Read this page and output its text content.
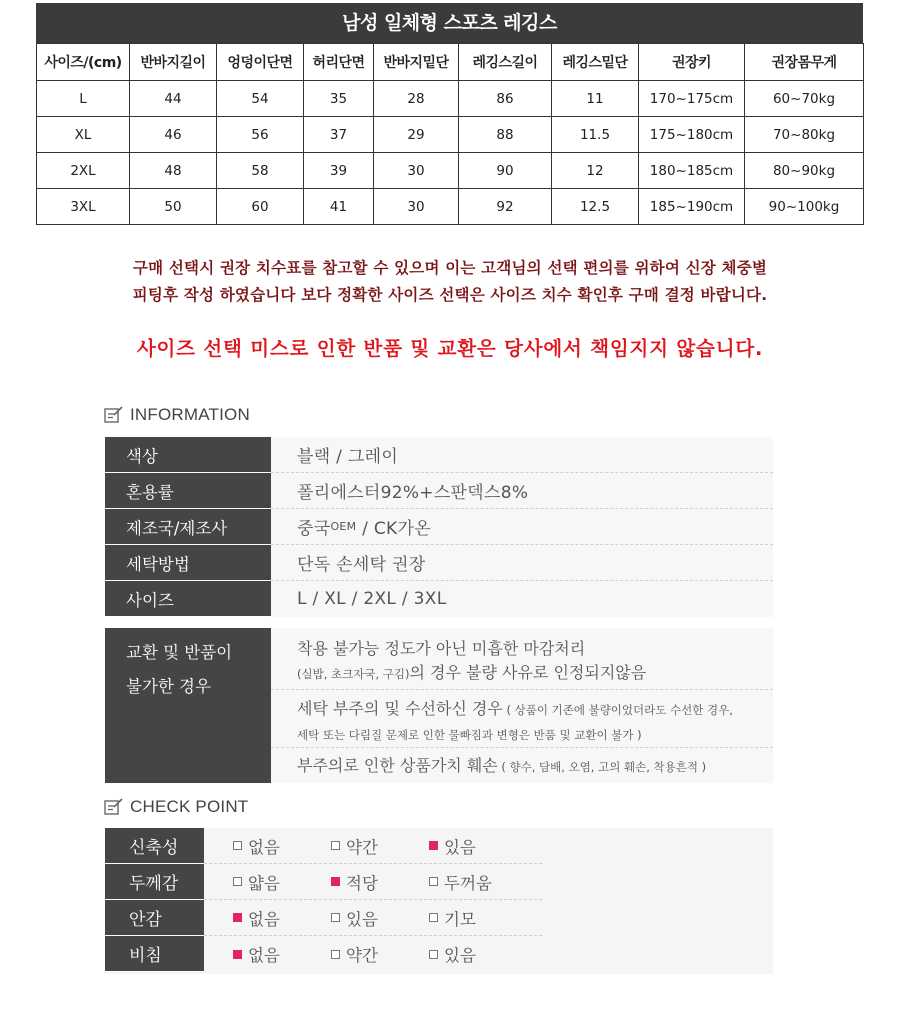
남성 일체형 스포츠 레깅스
사이즈/(cm)	반바지길이	엉덩이단면	허리단면	반바지밑단	레깅스길이	레깅스밑단	권장키	권장몸무게
L	44	54	35	28	86	11	170~175cm	60~70kg
XL	46	56	37	29	88	11.5	175~180cm	70~80kg
2XL	48	58	39	30	90	12	180~185cm	80~90kg
3XL	50	60	41	30	92	12.5	185~190cm	90~100kg
구매 선택시 권장 치수표를 참고할 수 있으며 이는 고객님의 선택 편의를 위하여 신장 체중별
피팅후 작성 하였습니다 보다 정확한 사이즈 선택은 사이즈 치수 확인후 구매 결정 바랍니다.
사이즈 선택 미스로 인한 반품 및 교환은 당사에서 책임지지 않습니다.
INFORMATION
색상	블랙 / 그레이
혼용률	폴리에스터92%+스판덱스8%
제조국/제조사	중국 OEM / CK가온
세탁방법	단독 손세탁 권장
사이즈	L / XL / 2XL / 3XL
교환 및 반품이
불가한 경우
착용 불가능 정도가 아닌 미흡한 마감처리
(실밥, 초크자국, 구김)의 경우 불량 사유로 인정되지않음
세탁 부주의 및 수선하신 경우 ( 상품이 기존에 불량이었더라도 수선한 경우,
세탁 또는 다림질 문제로 인한 물빠짐과 변형은 반품 및 교환이 불가 )
부주의로 인한 상품가치 훼손 ( 향수, 담배, 오염, 고의 훼손, 착용흔적 )
CHECK POINT
신축성	없음	약간	있음
두께감	얇음	적당	두꺼움
안감	없음	있음	기모
비침	없음	약간	있음
